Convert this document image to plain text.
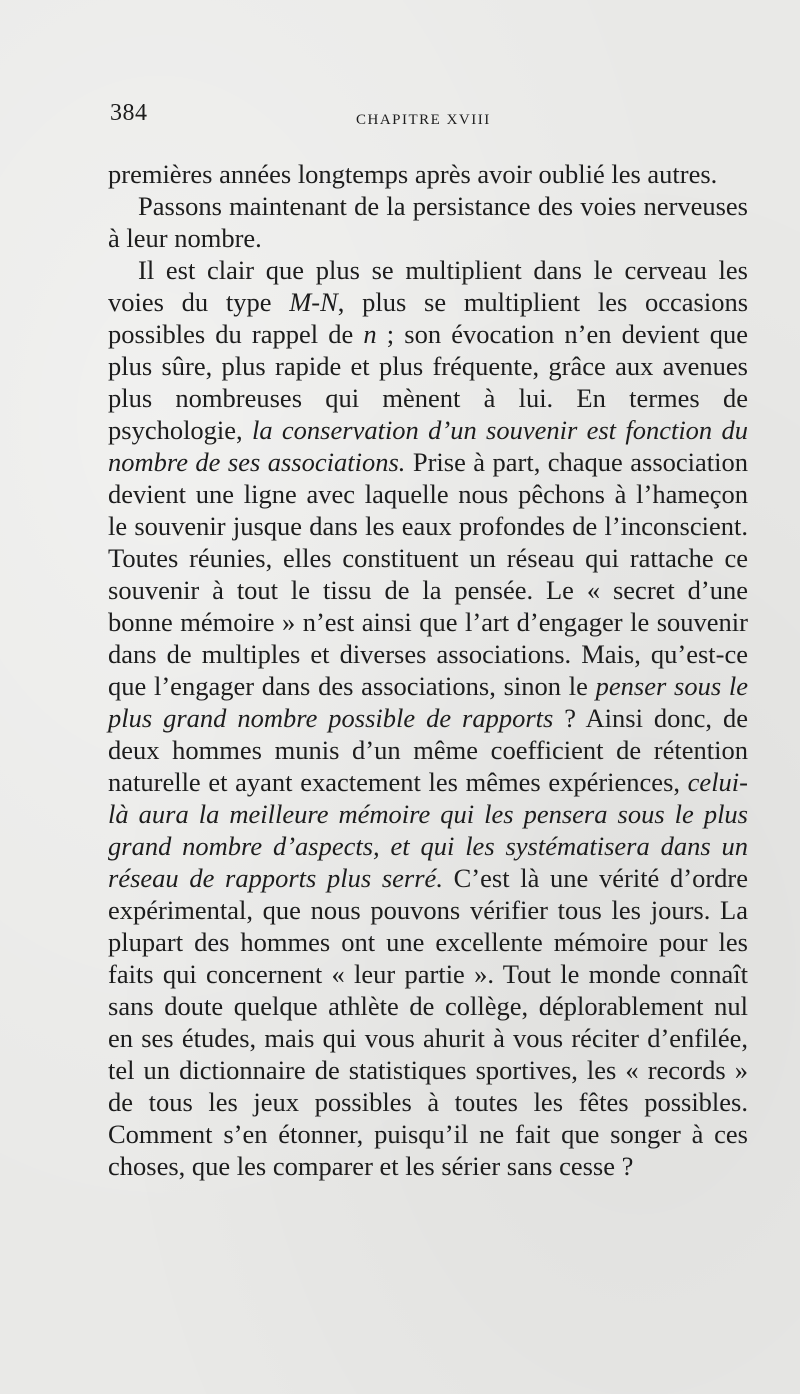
384	CHAPITRE XVIII

premières années longtemps après avoir oublié les autres.

Passons maintenant de la persistance des voies nerveuses à leur nombre.

Il est clair que plus se multiplient dans le cerveau les voies du type M-N, plus se multiplient les occasions possibles du rappel de n ; son évocation n’en devient que plus sûre, plus rapide et plus fréquente, grâce aux avenues plus nombreuses qui mènent à lui. En termes de psychologie, la conservation d’un souvenir est fonction du nombre de ses associations. Prise à part, chaque association devient une ligne avec laquelle nous pêchons à l’hameçon le souvenir jusque dans les eaux profondes de l’inconscient. Toutes réunies, elles constituent un réseau qui rattache ce souvenir à tout le tissu de la pensée. Le « secret d’une bonne mémoire » n’est ainsi que l’art d’engager le souvenir dans de multiples et diverses associations. Mais, qu’est-ce que l’engager dans des associations, sinon le penser sous le plus grand nombre possible de rapports ? Ainsi donc, de deux hommes munis d’un même coefficient de rétention naturelle et ayant exactement les mêmes expériences, celui-là aura la meilleure mémoire qui les pensera sous le plus grand nombre d’aspects, et qui les systématisera dans un réseau de rapports plus serré. C’est là une vérité d’ordre expérimental, que nous pouvons vérifier tous les jours. La plupart des hommes ont une excellente mémoire pour les faits qui concernent « leur partie ». Tout le monde connaît sans doute quelque athlète de collège, déplorablement nul en ses études, mais qui vous ahurit à vous réciter d’enfilée, tel un dictionnaire de statistiques sportives, les « records » de tous les jeux possibles à toutes les fêtes possibles. Comment s’en étonner, puisqu’il ne fait que songer à ces choses, que les comparer et les sérier sans cesse ?
